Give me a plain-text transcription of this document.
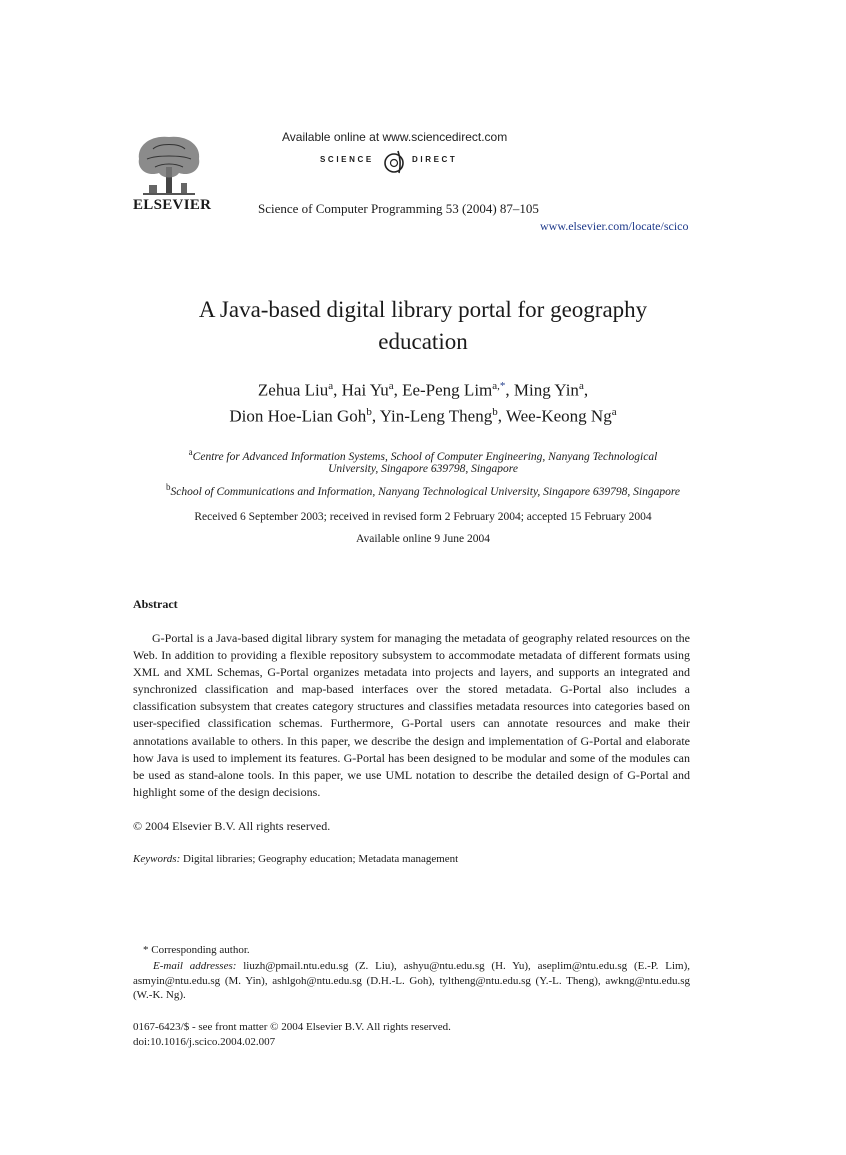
ELSEVIER
Available online at www.sciencedirect.com
SCIENCE	DIRECT
Science of Computer Programming 53 (2004) 87–105
www.elsevier.com/locate/scico
A Java-based digital library portal for geography
education
Zehua Liu$^a$, Hai Yu$^a$, Ee-Peng Lim$^{a,*}$, Ming Yin$^a$,
Dion Hoe-Lian Goh$^b$, Yin-Leng Theng$^b$, Wee-Keong Ng$^a$
$^a$Centre for Advanced Information Systems, School of Computer Engineering, Nanyang Technological
University, Singapore 639798, Singapore
$^b$School of Communications and Information, Nanyang Technological University, Singapore 639798, Singapore
Received 6 September 2003; received in revised form 2 February 2004; accepted 15 February 2004
Available online 9 June 2004
Abstract

G-Portal is a Java-based digital library system for managing the metadata of geography related resources on the Web. In addition to providing a flexible repository subsystem to accommodate metadata of different formats using XML and XML Schemas, G-Portal organizes metadata into projects and layers, and supports an integrated and synchronized classification and map-based interfaces over the stored metadata. G-Portal also includes a classification subsystem that creates category structures and classifies metadata resources into categories based on user-specified classification schemas. Furthermore, G-Portal users can annotate resources and make their annotations available to others. In this paper, we describe the design and implementation of G-Portal and elaborate how Java is used to implement its features. G-Portal has been designed to be modular and some of the modules can be used as stand-alone tools. In this paper, we use UML notation to describe the detailed design of G-Portal and highlight some of the design decisions.

© 2004 Elsevier B.V. All rights reserved.
Keywords: Digital libraries; Geography education; Metadata management
* Corresponding author.

E-mail addresses: liuzh@pmail.ntu.edu.sg (Z. Liu), ashyu@ntu.edu.sg (H. Yu), aseplim@ntu.edu.sg (E.-P. Lim), asmyin@ntu.edu.sg (M. Yin), ashlgoh@ntu.edu.sg (D.H.-L. Goh), tyltheng@ntu.edu.sg (Y.-L. Theng), awkng@ntu.edu.sg (W.-K. Ng).

0167-6423/$ - see front matter © 2004 Elsevier B.V. All rights reserved.
doi:10.1016/j.scico.2004.02.007
